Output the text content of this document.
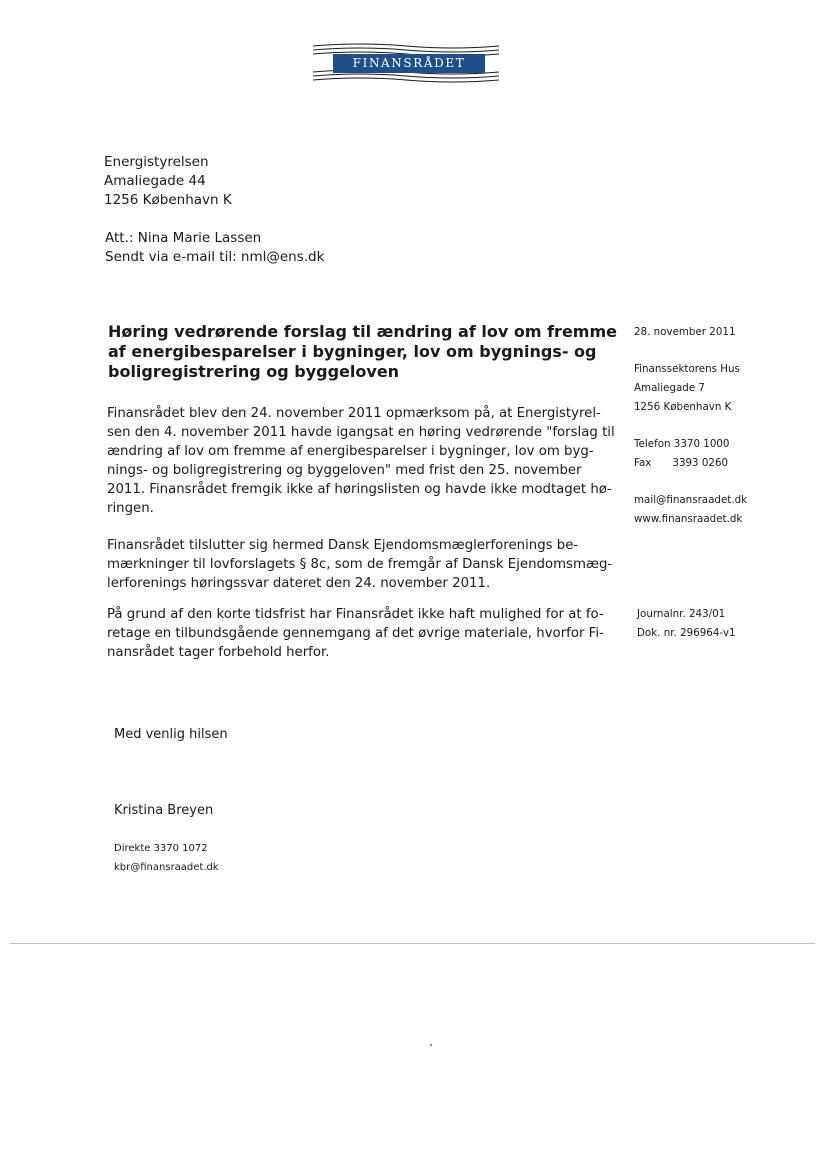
FINANSRÅDET
Energistyrelsen
Amaliegade 44
1256 København K
Att.: Nina Marie Lassen
Sendt via e-mail til: nml@ens.dk
Høring vedrørende forslag til ændring af lov om fremme
af energibesparelser i bygninger, lov om bygnings- og
boligregistrering og byggeloven
Finansrådet blev den 24. november 2011 opmærksom på, at Energistyrel-
sen den 4. november 2011 havde igangsat en høring vedrørende "forslag til
ændring af lov om fremme af energibesparelser i bygninger, lov om byg-
nings- og boligregistrering og byggeloven" med frist den 25. november
2011. Finansrådet fremgik ikke af høringslisten og havde ikke modtaget hø-
ringen.
Finansrådet tilslutter sig hermed Dansk Ejendomsmæglerforenings be-
mærkninger til lovforslagets § 8c, som de fremgår af Dansk Ejendomsmæg-
lerforenings høringssvar dateret den 24. november 2011.
På grund af den korte tidsfrist har Finansrådet ikke haft mulighed for at fo-
retage en tilbundsgående gennemgang af det øvrige materiale, hvorfor Fi-
nansrådet tager forbehold herfor.
28. november 2011
Finanssektorens Hus
Amaliegade 7
1256 København K
Telefon 3370 1000
Fax 3393 0260
mail@finansraadet.dk
www.finansraadet.dk
Journalnr. 243/01
Dok. nr. 296964-v1
Med venlig hilsen
Kristina Breyen
Direkte 3370 1072
kbr@finansraadet.dk
